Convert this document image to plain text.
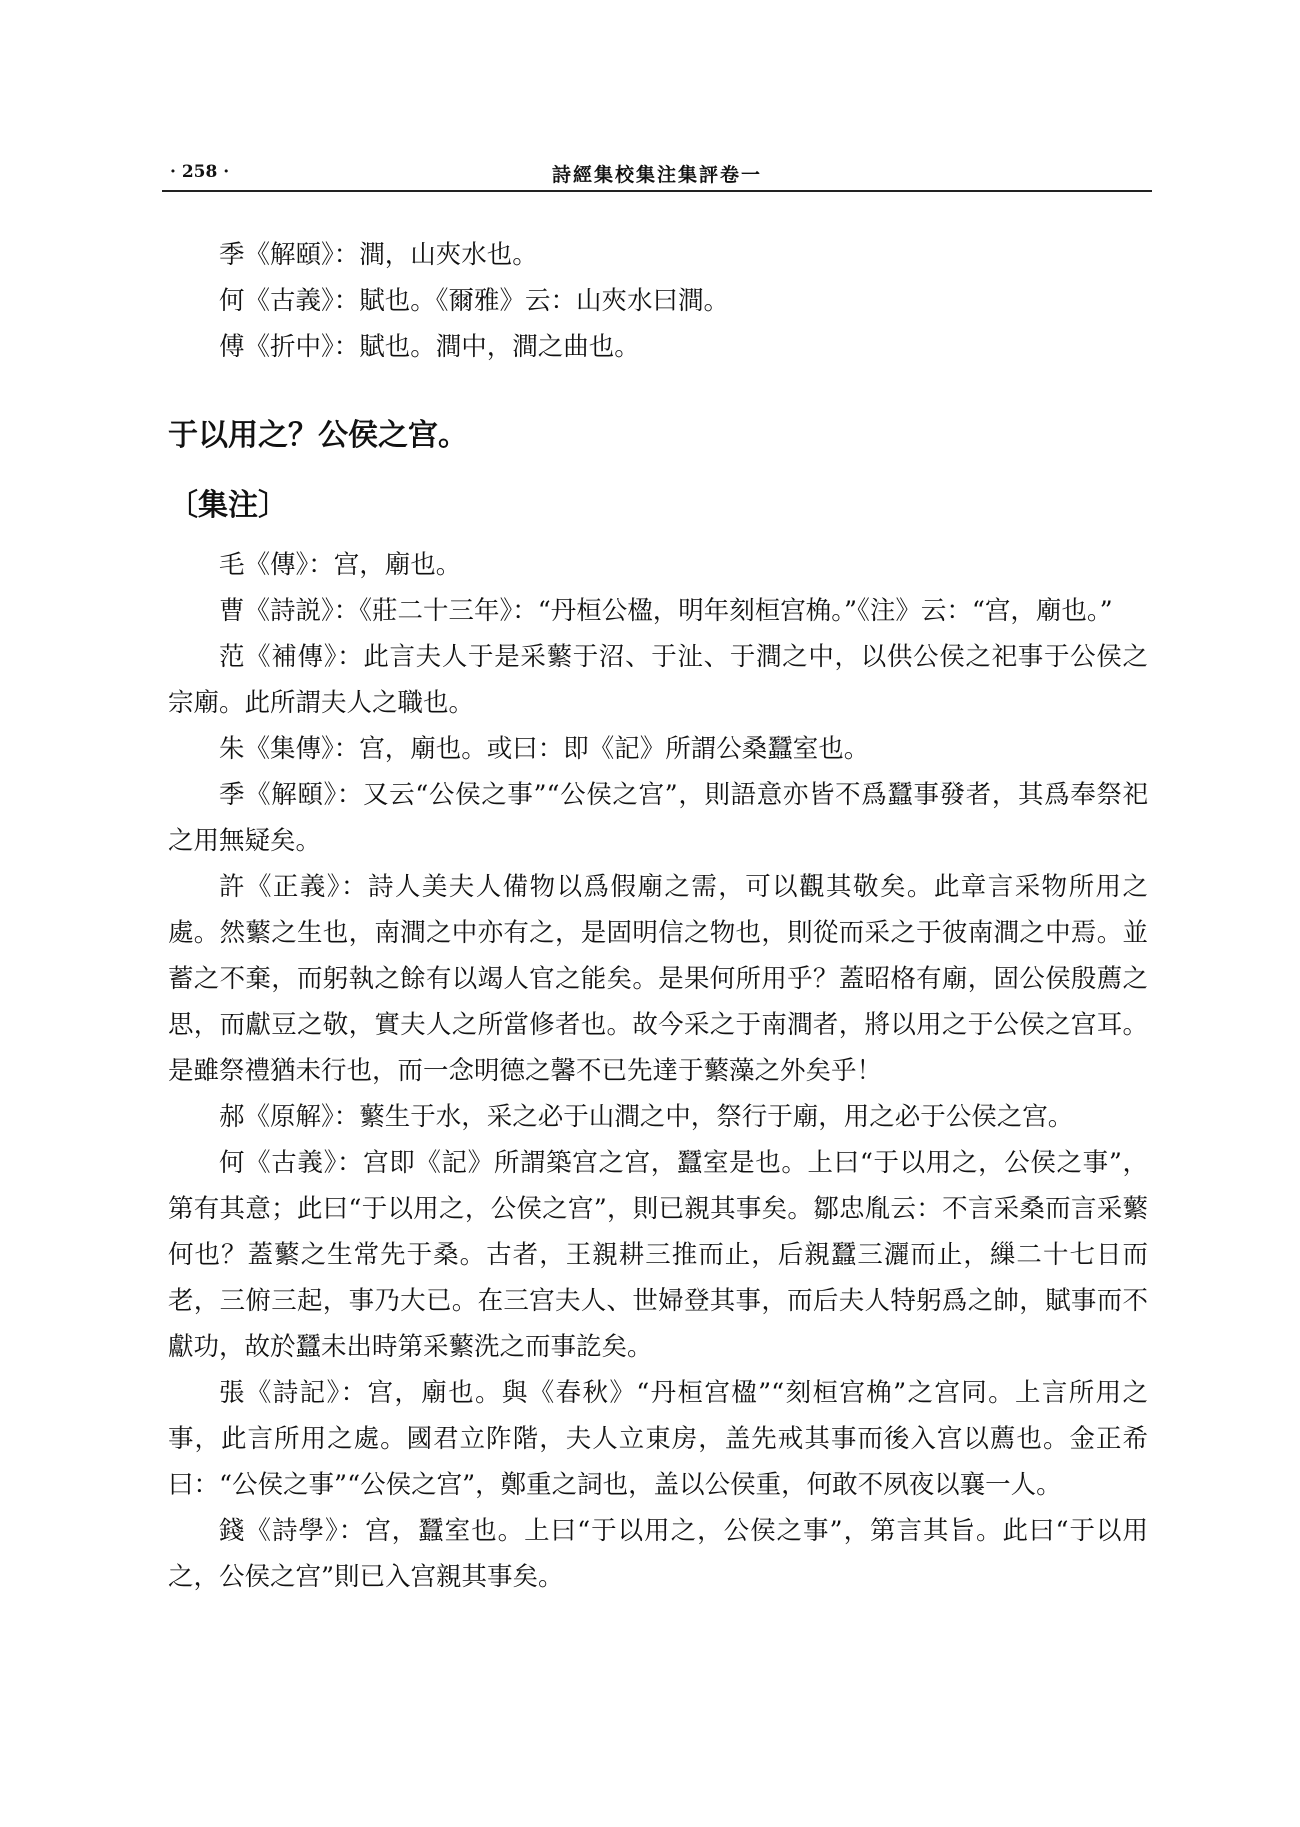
· 258 ·	詩經集校集注集評卷一

季《解頤》：澗，山夾水也。

何《古義》：賦也。《爾雅》云：山夾水曰澗。

傅《折中》：賦也。澗中，澗之曲也。

于以用之？公侯之宫。

〔集注〕

毛《傳》：宫，廟也。

曹《詩説》：《莊二十三年》：“丹桓公楹，明年刻桓宫桷。”《注》云：“宫，廟也。”

范《補傳》：此言夫人于是采蘩于沼、于沚、于澗之中，以供公侯之祀事于公侯之宗廟。此所謂夫人之職也。

朱《集傳》：宫，廟也。或曰：即《記》所謂公桑蠶室也。

季《解頤》：又云“公侯之事”“公侯之宫”，則語意亦皆不爲蠶事發者，其爲奉祭祀之用無疑矣。

許《正義》：詩人美夫人備物以爲假廟之需，可以觀其敬矣。此章言采物所用之處。然蘩之生也，南澗之中亦有之，是固明信之物也，則從而采之于彼南澗之中焉。並蓄之不棄，而躬執之餘有以竭人官之能矣。是果何所用乎？蓋昭格有廟，固公侯殷薦之思，而獻豆之敬，實夫人之所當修者也。故今采之于南澗者，將以用之于公侯之宫耳。是雖祭禮猶未行也，而一念明德之馨不已先達于蘩藻之外矣乎！

郝《原解》：蘩生于水，采之必于山澗之中，祭行于廟，用之必于公侯之宫。

何《古義》：宫即《記》所謂築宫之宫，蠶室是也。上曰“于以用之，公侯之事”，第有其意；此曰“于以用之，公侯之宫”，則已親其事矣。鄒忠胤云：不言采桑而言采蘩何也？蓋蘩之生常先于桑。古者，王親耕三推而止，后親蠶三灑而止，繅二十七日而老，三俯三起，事乃大已。在三宫夫人、世婦登其事，而后夫人特躬爲之帥，賦事而不獻功，故於蠶未出時第采蘩洗之而事訖矣。

張《詩記》：宫，廟也。與《春秋》“丹桓宫楹”“刻桓宫桷”之宫同。上言所用之事，此言所用之處。國君立阼階，夫人立東房，盖先戒其事而後入宫以薦也。金正希曰：“公侯之事”“公侯之宫”，鄭重之詞也，盖以公侯重，何敢不夙夜以襄一人。

錢《詩學》：宫，蠶室也。上曰“于以用之，公侯之事”，第言其旨。此曰“于以用之，公侯之宫”則已入宫親其事矣。
